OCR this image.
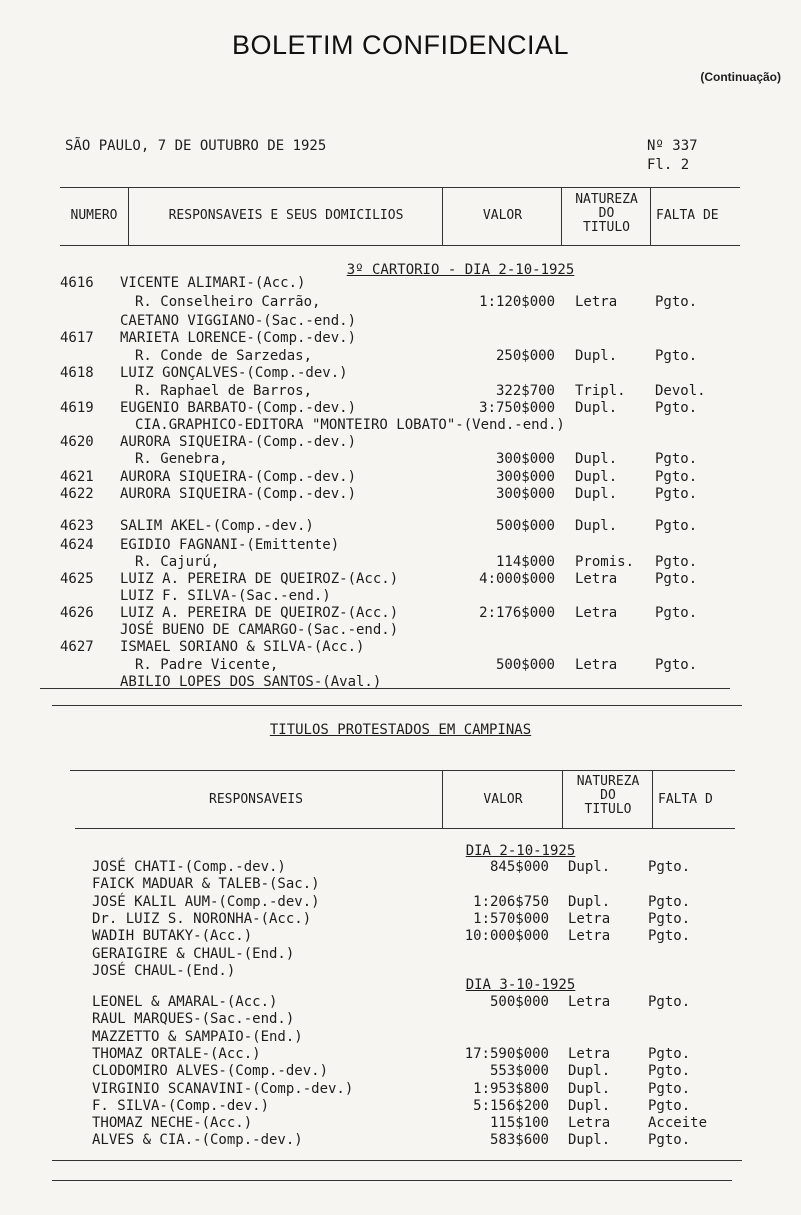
BOLETIM CONFIDENCIAL
(Continuação)
SÃO PAULO, 7 DE OUTUBRO DE 1925	Nº 337
Fl. 2
NUMERO	RESPONSAVEIS E SEUS DOMICILIOS	VALOR
NATUREZA
DO
TITULO
FALTA DE
3º CARTORIO - DIA 2-10-1925
4616	VICENTE ALIMARI-(Acc.)
R. Conselheiro Carrão,	1:120$000 Letra	Pgto.
CAETANO VIGGIANO-(Sac.-end.)
4617	MARIETA LORENCE-(Comp.-dev.)
R. Conde de Sarzedas,	250$000 Dupl.	Pgto.
4618	LUIZ GONÇALVES-(Comp.-dev.)
R. Raphael de Barros,	322$700 Tripl. Devol.
4619	EUGENIO BARBATO-(Comp.-dev.)	3:750$000 Dupl.	Pgto.
CIA.GRAPHICO-EDITORA "MONTEIRO LOBATO"-(Vend.-end.)
4620	AURORA SIQUEIRA-(Comp.-dev.)
R. Genebra,	300$000 Dupl.	Pgto.
4621	AURORA SIQUEIRA-(Comp.-dev.)	300$000 Dupl.	Pgto.
4622	AURORA SIQUEIRA-(Comp.-dev.)	300$000 Dupl.	Pgto.
4623	SALIM AKEL-(Comp.-dev.)	500$000 Dupl.	Pgto.
4624	EGIDIO FAGNANI-(Emittente)
R. Cajurú,	114$000 Promis. Pgto.
4625	LUIZ A. PEREIRA DE QUEIROZ-(Acc.)	4:000$000 Letra	Pgto.
LUIZ F. SILVA-(Sac.-end.)
4626	LUIZ A. PEREIRA DE QUEIROZ-(Acc.)	2:176$000 Letra	Pgto.
JOSÉ BUENO DE CAMARGO-(Sac.-end.)
4627	ISMAEL SORIANO & SILVA-(Acc.)
R. Padre Vicente,	500$000 Letra	Pgto.
ABILIO LOPES DOS SANTOS-(Aval.)
TITULOS PROTESTADOS EM CAMPINAS
RESPONSAVEIS	VALOR
NATUREZA
DO
TITULO
FALTA D
DIA 2-10-1925
JOSÉ CHATI-(Comp.-dev.)	845$000 Dupl.	Pgto.
FAICK MADUAR & TALEB-(Sac.)
JOSÉ KALIL AUM-(Comp.-dev.)	1:206$750 Dupl.	Pgto.
Dr. LUIZ S. NORONHA-(Acc.)	1:570$000 Letra	Pgto.
WADIH BUTAKY-(Acc.)	10:000$000 Letra	Pgto.
GERAIGIRE & CHAUL-(End.)
JOSÉ CHAUL-(End.)
DIA 3-10-1925
LEONEL & AMARAL-(Acc.)	500$000 Letra	Pgto.
RAUL MARQUES-(Sac.-end.)
MAZZETTO & SAMPAIO-(End.)
THOMAZ ORTALE-(Acc.)	17:590$000 Letra	Pgto.
CLODOMIRO ALVES-(Comp.-dev.)	553$000 Dupl.	Pgto.
VIRGINIO SCANAVINI-(Comp.-dev.)	1:953$800 Dupl.	Pgto.
F. SILVA-(Comp.-dev.)	5:156$200 Dupl.	Pgto.
THOMAZ NECHE-(Acc.)	115$100 Letra	Acceite
ALVES & CIA.-(Comp.-dev.)	583$600 Dupl.	Pgto.
